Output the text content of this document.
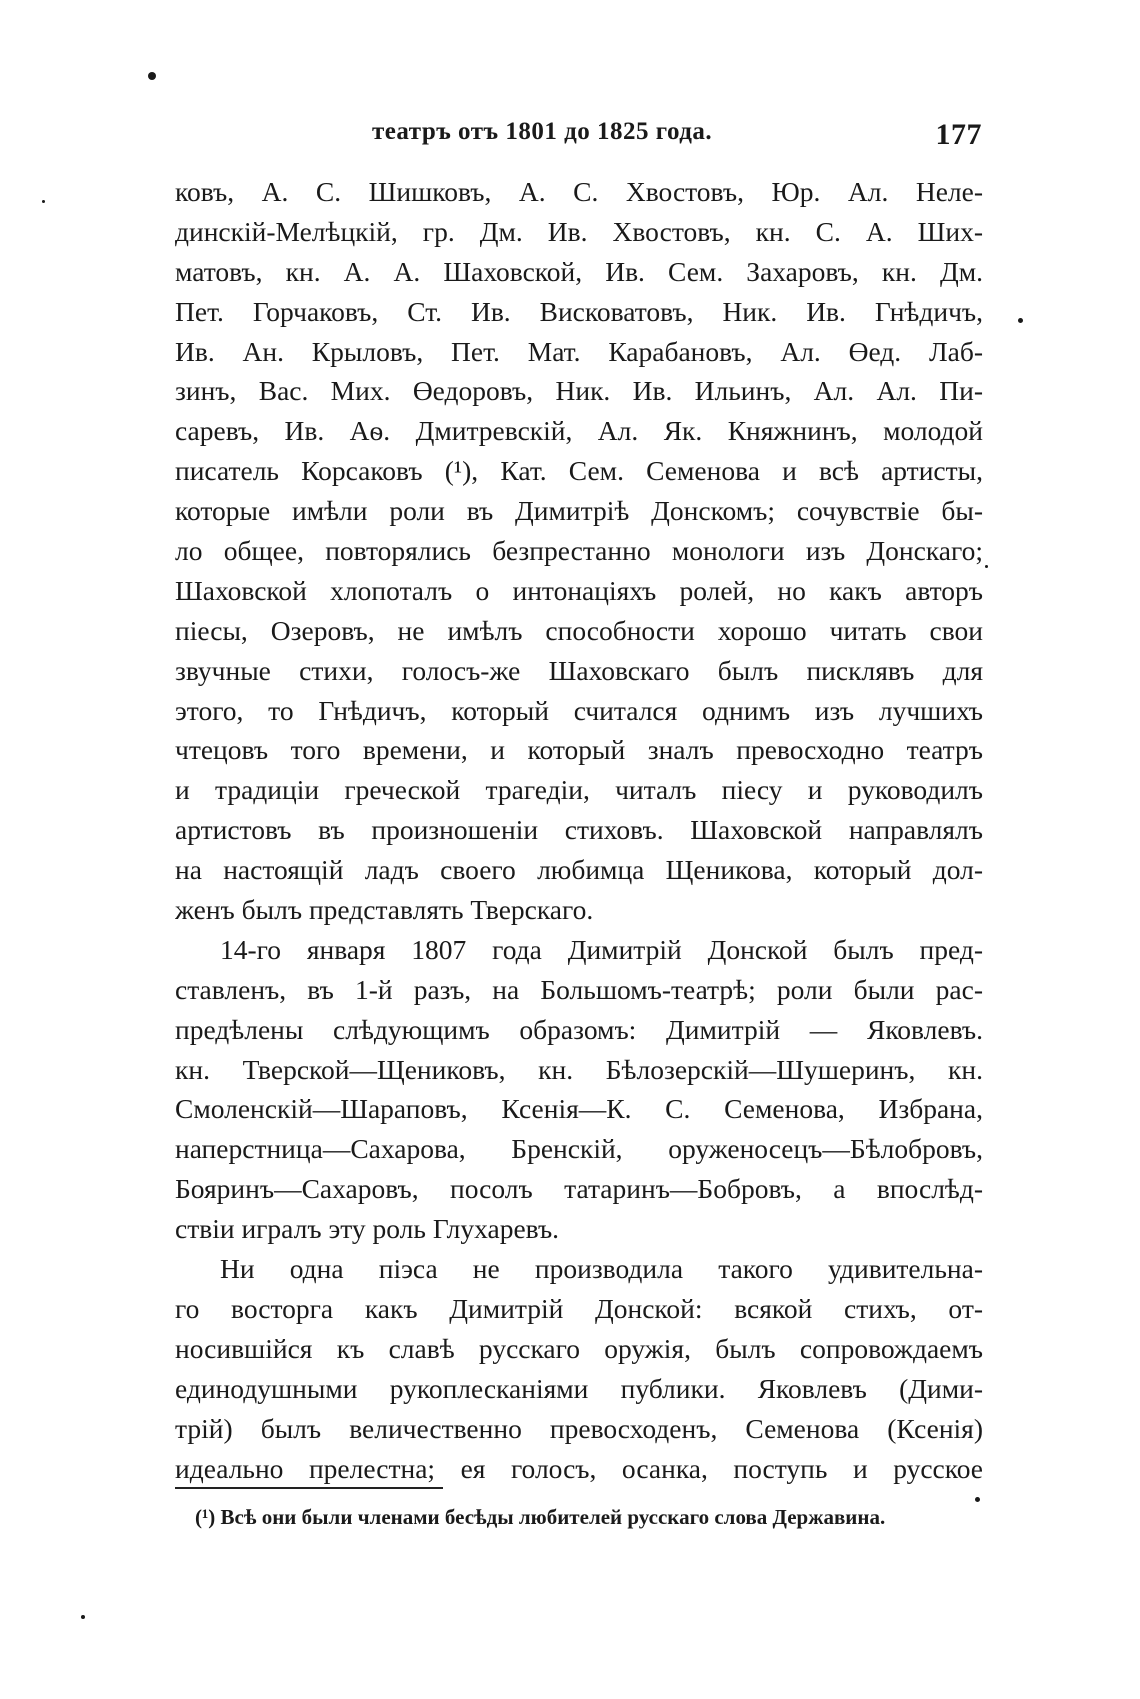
театръ отъ 1801 до 1825 года.	177
ковъ, А. С. Шишковъ, А. С. Хвостовъ, Юр. Ал. Неле-
динскій-Мелѣцкій, гр. Дм. Ив. Хвостовъ, кн. С. А. Ших-
матовъ, кн. А. А. Шаховской, Ив. Сем. Захаровъ, кн. Дм.
Пет. Горчаковъ, Ст. Ив. Висковатовъ, Ник. Ив. Гнѣдичъ,
Ив. Ан. Крыловъ, Пет. Мат. Карабановъ, Ал. Өед. Лаб-
зинъ, Вас. Мих. Өедоровъ, Ник. Ив. Ильинъ, Ал. Ал. Пи-
саревъ, Ив. Аѳ. Дмитревскій, Ал. Як. Княжнинъ, молодой
писатель Корсаковъ (¹), Кат. Сем. Семенова и всѣ артисты,
которые имѣли роли въ Димитріѣ Донскомъ; сочувствіе бы-
ло общее, повторялись безпрестанно монологи изъ Донскаго;
Шаховской хлопоталъ о интонаціяхъ ролей, но какъ авторъ
піесы, Озеровъ, не имѣлъ способности хорошо читать свои
звучные стихи, голосъ-же Шаховскаго былъ писклявъ для
этого, то Гнѣдичъ, который считался однимъ изъ лучшихъ
чтецовъ того времени, и который зналъ превосходно театръ
и традиціи греческой трагедіи, читалъ піесу и руководилъ
артистовъ въ произношеніи стиховъ. Шаховской направлялъ
на настоящій ладъ своего любимца Щеникова, который дол-
женъ былъ представлять Тверскаго.
14-го января 1807 года Димитрій Донской былъ пред-
ставленъ, въ 1-й разъ, на Большомъ-театрѣ; роли были рас-
предѣлены слѣдующимъ образомъ: Димитрій — Яковлевъ.
кн. Тверской—Щениковъ, кн. Бѣлозерскій—Шушеринъ, кн.
Смоленскій—Шараповъ, Ксенія—К. С. Семенова, Избрана,
наперстница—Сахарова, Бренскій, оруженосецъ—Бѣлобровъ,
Бояринъ—Сахаровъ, посолъ татаринъ—Бобровъ, а впослѣд-
ствіи игралъ эту роль Глухаревъ.
Ни одна піэса не производила такого удивительна-
го восторга какъ Димитрій Донской: всякой стихъ, от-
носившійся къ славѣ русскаго оружія, былъ сопровождаемъ
единодушными рукоплесканіями публики. Яковлевъ (Дими-
трій) былъ величественно превосходенъ, Семенова (Ксенія)
идеально прелестна; ея голосъ, осанка, поступь и русское
(¹) Всѣ они были членами бесѣды любителей русскаго слова Державина.
